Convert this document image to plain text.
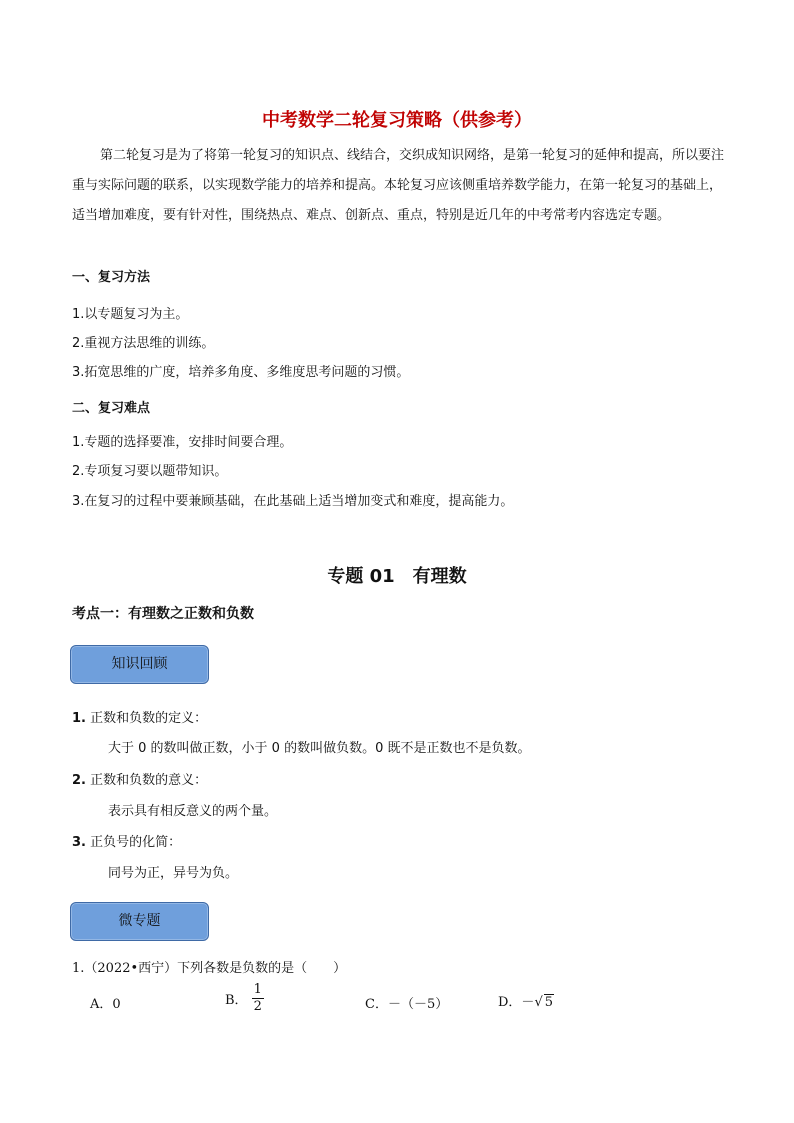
中考数学二轮复习策略（供参考）

第二轮复习是为了将第一轮复习的知识点、线结合，交织成知识网络，是第一轮复习的延伸和提高，所以要注重与实际问题的联系，以实现数学能力的培养和提高。本轮复习应该侧重培养数学能力，在第一轮复习的基础上，适当增加难度，要有针对性，围绕热点、难点、创新点、重点，特别是近几年的中考常考内容选定专题。

一、复习方法
1.以专题复习为主。
2.重视方法思维的训练。
3.拓宽思维的广度，培养多角度、多维度思考问题的习惯。
二、复习难点
1.专题的选择要准，安排时间要合理。
2.专项复习要以题带知识。
3.在复习的过程中要兼顾基础，在此基础上适当增加变式和难度，提高能力。
专题 01　有理数
考点一：有理数之正数和负数
知识回顾
1. 正数和负数的定义：
大于 0 的数叫做正数，小于 0 的数叫做负数。0 既不是正数也不是负数。
2. 正数和负数的意义：
表示具有相反意义的两个量。
3. 正负号的化简：
同号为正，异号为负。
微专题
1.（2022•西宁）下列各数是负数的是（　　）
A．0	B． $\frac{1}{2}$	C．－（－5）	D．－√ 5
